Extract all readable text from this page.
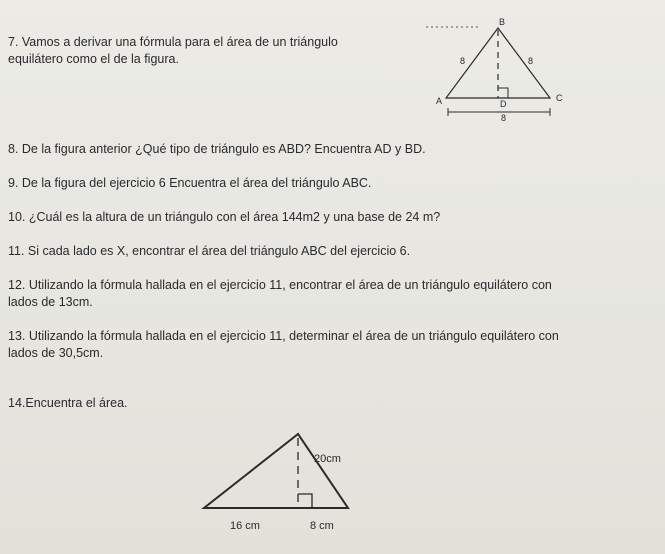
7. Vamos a derivar una fórmula para el área de un triángulo
equilátero como el de la figura.
B
A	C
D
8	8
8
8. De la figura anterior ¿Qué tipo de triángulo es ABD? Encuentra AD y BD.
9. De la figura del ejercicio 6 Encuentra el área del triángulo ABC.
10. ¿Cuál es la altura de un triángulo con el área 144m2 y una base de 24 m?
11. Si cada lado es X, encontrar el área del triángulo ABC del ejercicio 6.
12. Utilizando la fórmula hallada en el ejercicio 11, encontrar el área de un triángulo equilátero con
lados de 13cm.
13. Utilizando la fórmula hallada en el ejercicio 11, determinar el área de un triángulo equilátero con
lados de 30,5cm.
14.Encuentra el área.
20cm
16 cm	8 cm
